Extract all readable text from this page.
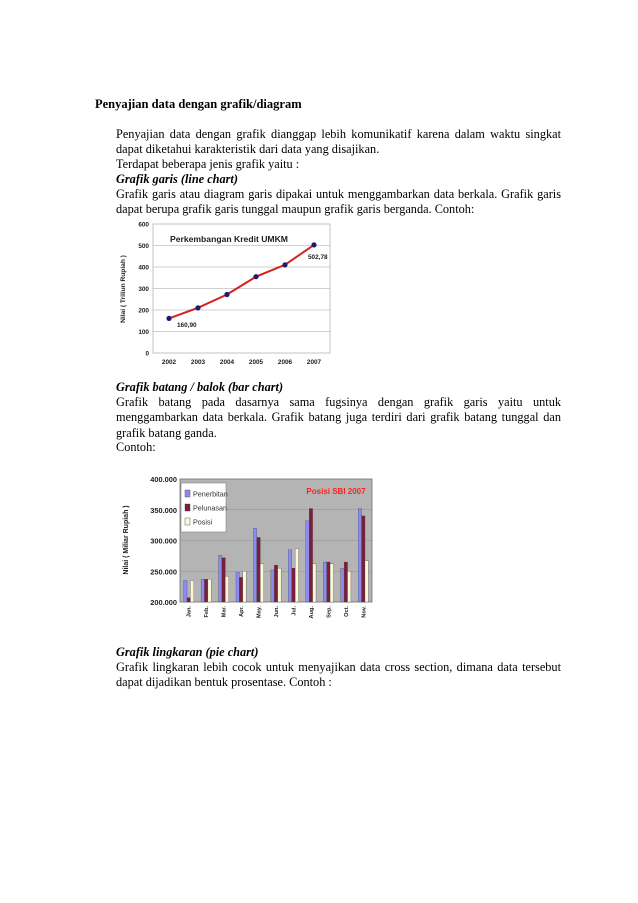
Penyajian data dengan grafik/diagram
Penyajian data dengan grafik dianggap lebih komunikatif karena dalam waktu singkat dapat diketahui karakteristik dari data yang disajikan.
Terdapat beberapa jenis grafik yaitu :
Grafik garis (line chart)
Grafik garis atau diagram garis dipakai untuk menggambarkan data berkala. Grafik garis dapat berupa grafik garis tunggal maupun grafik garis berganda. Contoh:
0
100
200
300
400
500
600
2002 2003 2004 2005 2006 2007
Perkembangan Kredit UMKM
160,90
502,78
Nilai ( Triliun Rupiah )
Grafik batang / balok (bar chart)
Grafik batang pada dasarnya sama fugsinya dengan grafik garis yaitu untuk menggambarkan data berkala. Grafik batang juga terdiri dari grafik batang tunggal dan grafik batang ganda.
Contoh:
200.000
250.000
300.000
350.000
400.000
Jan. Feb. Mar. Apr. May. Jun. Jul. Aug. Sep. Oct. Nov.
Posisi SBI 2007
Penerbitan
Pelunasan
Posisi
Nilai ( Miliar Rupiah )
Grafik lingkaran (pie chart)
Grafik lingkaran lebih cocok untuk menyajikan data cross section, dimana data tersebut dapat dijadikan bentuk prosentase. Contoh :
